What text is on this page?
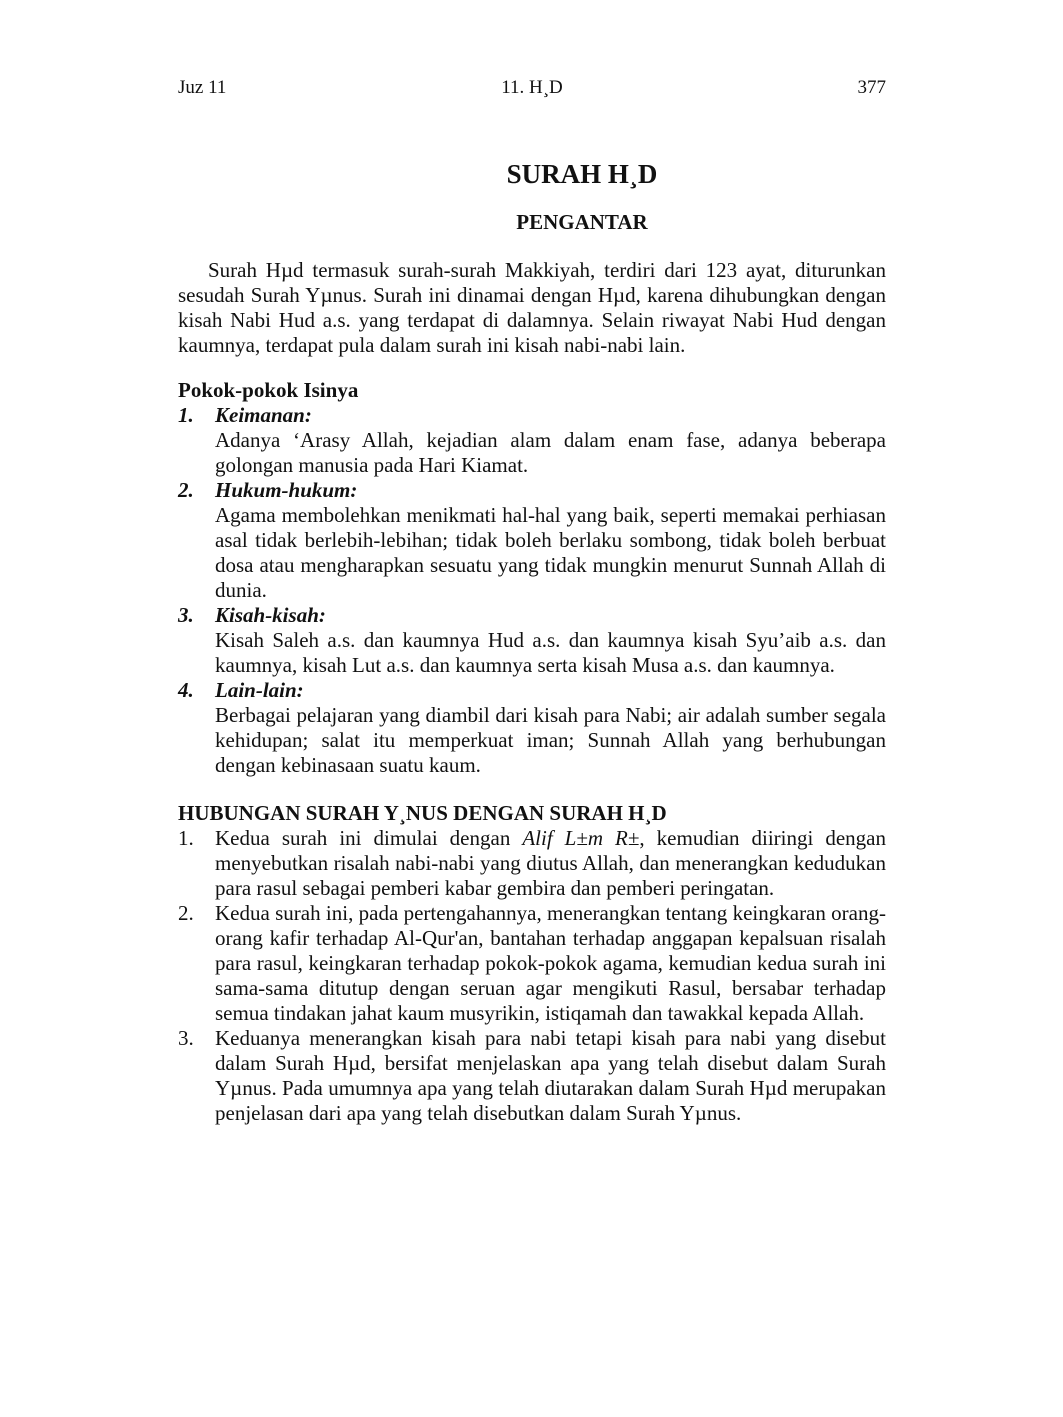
Juz 11	11. H¸D	377
SURAH H¸D
PENGANTAR

Surah Hµd termasuk surah-surah Makkiyah, terdiri dari 123 ayat, diturunkan sesudah Surah Yµnus. Surah ini dinamai dengan Hµd, karena dihubungkan dengan kisah Nabi Hud a.s. yang terdapat di dalamnya. Selain riwayat Nabi Hud dengan kaumnya, terdapat pula dalam surah ini kisah nabi-nabi lain.

Pokok-pokok Isinya
1. Keimanan:
Adanya ‘Arasy Allah, kejadian alam dalam enam fase, adanya beberapa golongan manusia pada Hari Kiamat.
2. Hukum-hukum:
Agama membolehkan menikmati hal-hal yang baik, seperti memakai perhiasan asal tidak berlebih-lebihan; tidak boleh berlaku sombong, tidak boleh berbuat dosa atau mengharapkan sesuatu yang tidak mungkin menurut Sunnah Allah di dunia.
3. Kisah-kisah:
Kisah Saleh a.s. dan kaumnya Hud a.s. dan kaumnya kisah Syu’aib a.s. dan kaumnya, kisah Lut a.s. dan kaumnya serta kisah Musa a.s. dan kaumnya.
4. Lain-lain:
Berbagai pelajaran yang diambil dari kisah para Nabi; air adalah sumber segala kehidupan; salat itu memperkuat iman; Sunnah Allah yang berhubungan dengan kebinasaan suatu kaum.
HUBUNGAN SURAH Y¸NUS DENGAN SURAH H¸D
1. Kedua surah ini dimulai dengan Alif L±m R±, kemudian diiringi dengan menyebutkan risalah nabi-nabi yang diutus Allah, dan menerangkan kedudukan para rasul sebagai pemberi kabar gembira dan pemberi peringatan.
2. Kedua surah ini, pada pertengahannya, menerangkan tentang keingkaran orang-orang kafir terhadap Al-Qur'an, bantahan terhadap anggapan kepalsuan risalah para rasul, keingkaran terhadap pokok-pokok agama, kemudian kedua surah ini sama-sama ditutup dengan seruan agar mengikuti Rasul, bersabar terhadap semua tindakan jahat kaum musyrikin, istiqamah dan tawakkal kepada Allah.
3. Keduanya menerangkan kisah para nabi tetapi kisah para nabi yang disebut dalam Surah Hµd, bersifat menjelaskan apa yang telah disebut dalam Surah Yµnus. Pada umumnya apa yang telah diutarakan dalam Surah Hµd merupakan penjelasan dari apa yang telah disebutkan dalam Surah Yµnus.
